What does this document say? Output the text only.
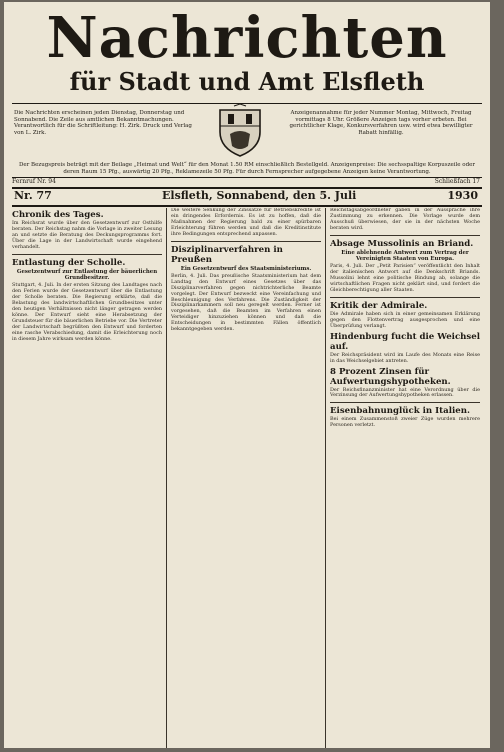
Nachrichten
für Stadt und Amt Elsfleth
Die Nachrichten erscheinen jeden Dienstag, Donnerstag und Sonnabend. Die Zeile aus amtlichen Bekanntmachungen. Verantwortlich für die Schriftleitung: H. Zirk. Druck und Verlag von L. Zirk.
Anzeigenannahme für jeder Nummer Montag, Mittwoch, Freitag vormittags 8 Uhr. Größere Anzeigen tags vorher erbeten. Bei gerichtlicher Klage, Konkursverfahren usw. wird etwa bewilligter Rabatt hinfällig.
Der Bezugspreis beträgt mit der Beilage „Heimat und Welt“ für den Monat 1.50 RM einschließlich Bestellgeld. Anzeigenpreise: Die sechsspaltige Korpuszeile oder deren Raum 15 Pfg., auswärtig 20 Pfg., Reklamezeile 50 Pfg. Für durch Fernsprecher aufgegebene Anzeigen keine Verantwortung.
Fernruf Nr. 94	Schließfach 17
Nr. 77	Elsfleth, Sonnabend, den 5. Juli	1930
Chronik des Tages.

Im Reichsrat wurde über den Gesetzentwurf zur Osthilfe beraten. Der Reichstag nahm die Vorlage in zweiter Lesung an und setzte die Beratung des Deckungsprogramms fort. Über die Lage in der Landwirtschaft wurde eingehend verhandelt.

Entlastung der Scholle.

Gesetzentwurf zur Entlastung der bäuerlichen Grundbesitzer.

Stuttgart, 4. Juli. In der ersten Sitzung des Landtages nach den Ferien wurde der Gesetzentwurf über die Entlastung der Scholle beraten. Die Regierung erklärte, daß die Belastung des landwirtschaftlichen Grundbesitzes unter den heutigen Verhältnissen nicht länger getragen werden könne. Der Entwurf sieht eine Herabsetzung der Grundsteuer für die bäuerlichen Betriebe vor. Die Vertreter der Landwirtschaft begrüßten den Entwurf und forderten eine rasche Verabschiedung, damit die Erleichterung noch in diesem Jahre wirksam werden könne.

Die weitere Senkung der Zinssätze für Betriebskredite ist ein dringendes Erfordernis. Es ist zu hoffen, daß die Maßnahmen der Regierung bald zu einer spürbaren Erleichterung führen werden und daß die Kreditinstitute ihre Bedingungen entsprechend anpassen.

Disziplinarverfahren in Preußen

Ein Gesetzentwurf des Staatsministeriums.

Berlin, 4. Juli. Das preußische Staatsministerium hat dem Landtag den Entwurf eines Gesetzes über das Disziplinarverfahren gegen nichtrichterliche Beamte vorgelegt. Der Entwurf bezweckt eine Vereinfachung und Beschleunigung des Verfahrens. Die Zuständigkeit der Disziplinarkammern soll neu geregelt werden. Ferner ist vorgesehen, daß die Beamten im Verfahren einen Verteidiger hinzuziehen können und daß die Entscheidungen in bestimmten Fällen öffentlich bekanntgegeben werden.

Reichstagsabgeordneter gaben in der Aussprache ihre Zustimmung zu erkennen. Die Vorlage wurde dem Ausschuß überwiesen, der sie in der nächsten Woche beraten wird.

Absage Mussolinis an Briand.

Eine ablehnende Antwort zum Vertrag der Vereinigten Staaten von Europa.

Paris, 4. Juli. Der „Petit Parisien“ veröffentlicht den Inhalt der italienischen Antwort auf die Denkschrift Briands. Mussolini lehnt eine politische Bindung ab, solange die wirtschaftlichen Fragen nicht geklärt sind, und fordert die Gleichberechtigung aller Staaten.

Kritik der Admirale.

Die Admirale haben sich in einer gemeinsamen Erklärung gegen den Flottenvertrag ausgesprochen und eine Überprüfung verlangt.

Hindenburg fucht die Weichsel auf.

Der Reichspräsident wird im Laufe des Monats eine Reise in das Weichselgebiet antreten.

8 Prozent Zinsen für Aufwertungshypotheken.

Der Reichsfinanzminister hat eine Verordnung über die Verzinsung der Aufwertungshypotheken erlassen.

Eisenbahnunglück in Italien.

Bei einem Zusammenstoß zweier Züge wurden mehrere Personen verletzt.
